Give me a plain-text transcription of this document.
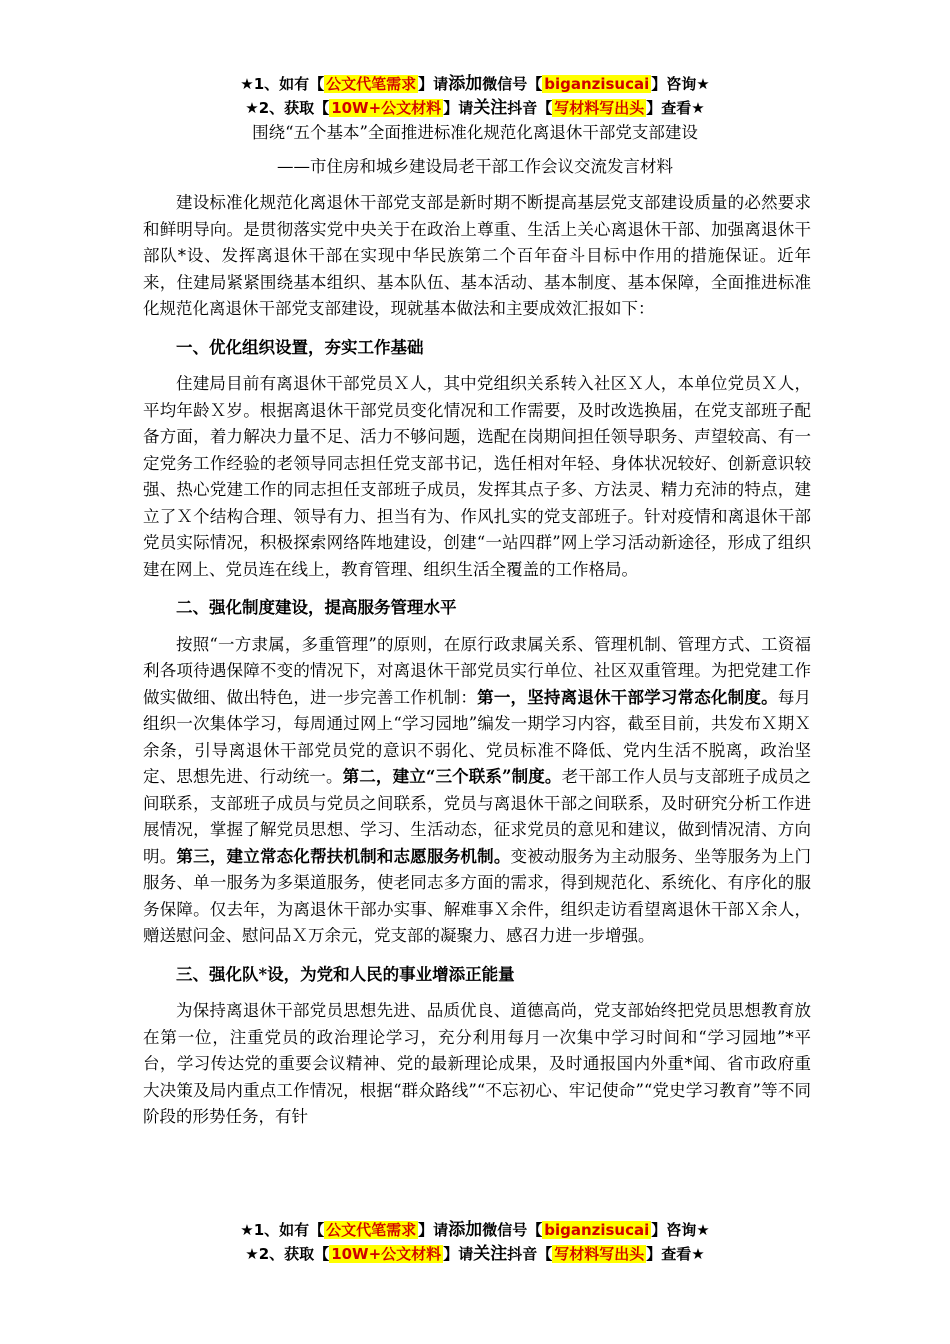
★1、如有【 公文代笔需求 】请添加微信号【 biganzisucai 】咨询★
★2、获取【 10W+公文材料 】请关注抖音【 写材料写出头 】查看★
围绕“五个基本”全面推进标准化规范化离退休干部党支部建设
——市住房和城乡建设局老干部工作会议交流发言材料

建设标准化规范化离退休干部党支部是新时期不断提高基层党支部建设质量的必然要求和鲜明导向。是贯彻落实党中央关于在政治上尊重、生活上关心离退休干部、加强离退休干部队*设、发挥离退休干部在实现中华民族第二个百年奋斗目标中作用的措施保证。近年来，住建局紧紧围绕基本组织、基本队伍、基本活动、基本制度、基本保障，全面推进标准化规范化离退休干部党支部建设，现就基本做法和主要成效汇报如下：

一、优化组织设置，夯实工作基础

住建局目前有离退休干部党员Ｘ人，其中党组织关系转入社区Ｘ人，本单位党员Ｘ人，平均年龄Ｘ岁。根据离退休干部党员变化情况和工作需要，及时改选换届，在党支部班子配备方面，着力解决力量不足、活力不够问题，选配在岗期间担任领导职务、声望较高、有一定党务工作经验的老领导同志担任党支部书记，选任相对年轻、身体状况较好、创新意识较强、热心党建工作的同志担任支部班子成员，发挥其点子多、方法灵、精力充沛的特点，建立了Ｘ个结构合理、领导有力、担当有为、作风扎实的党支部班子。针对疫情和离退休干部党员实际情况，积极探索网络阵地建设，创建“一站四群”网上学习活动新途径，形成了组织建在网上、党员连在线上，教育管理、组织生活全覆盖的工作格局。

二、强化制度建设，提高服务管理水平

按照“一方隶属，多重管理”的原则，在原行政隶属关系、管理机制、管理方式、工资福利各项待遇保障不变的情况下，对离退休干部党员实行单位、社区双重管理。为把党建工作做实做细、做出特色，进一步完善工作机制：第一，坚持离退休干部学习常态化制度。每月组织一次集体学习，每周通过网上“学习园地”编发一期学习内容，截至目前，共发布Ｘ期Ｘ余条，引导离退休干部党员党的意识不弱化、党员标准不降低、党内生活不脱离，政治坚定、思想先进、行动统一。第二，建立“三个联系”制度。老干部工作人员与支部班子成员之间联系，支部班子成员与党员之间联系，党员与离退休干部之间联系，及时研究分析工作进展情况，掌握了解党员思想、学习、生活动态，征求党员的意见和建议，做到情况清、方向明。第三，建立常态化帮扶机制和志愿服务机制。变被动服务为主动服务、坐等服务为上门服务、单一服务为多渠道服务，使老同志多方面的需求，得到规范化、系统化、有序化的服务保障。仅去年，为离退休干部办实事、解难事Ｘ余件，组织走访看望离退休干部Ｘ余人，赠送慰问金、慰问品Ｘ万余元，党支部的凝聚力、感召力进一步增强。

三、强化队*设，为党和人民的事业增添正能量

为保持离退休干部党员思想先进、品质优良、道德高尚，党支部始终把党员思想教育放在第一位，注重党员的政治理论学习，充分利用每月一次集中学习时间和“学习园地”*平台，学习传达党的重要会议精神、党的最新理论成果，及时通报国内外重*闻、省市政府重大决策及局内重点工作情况，根据“群众路线”“不忘初心、牢记使命”“党史学习教育”等不同阶段的形势任务，有针

★1、如有【 公文代笔需求 】请添加微信号【 biganzisucai 】咨询★
★2、获取【 10W+公文材料 】请关注抖音【 写材料写出头 】查看★
